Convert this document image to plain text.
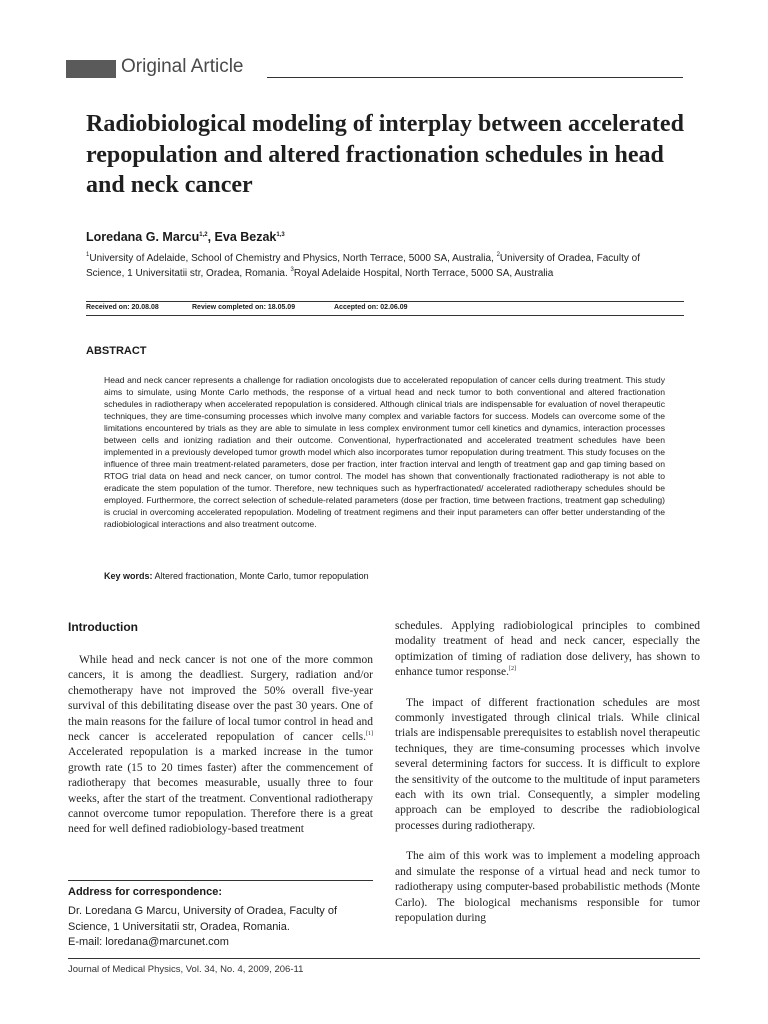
Original Article
Radiobiological modeling of interplay between accelerated repopulation and altered fractionation schedules in head and neck cancer
Loredana G. Marcu$^{1,2}$, Eva Bezak$^{1,3}$
$^1$University of Adelaide, School of Chemistry and Physics, North Terrace, 5000 SA, Australia, $^2$University of Oradea, Faculty of Science, 1 Universitatii str, Oradea, Romania. $^3$Royal Adelaide Hospital, North Terrace, 5000 SA, Australia
Received on: 20.08.08	Review completed on: 18.05.09	Accepted on: 02.06.09
ABSTRACT
Head and neck cancer represents a challenge for radiation oncologists due to accelerated repopulation of cancer cells during treatment. This study aims to simulate, using Monte Carlo methods, the response of a virtual head and neck tumor to both conventional and altered fractionation schedules in radiotherapy when accelerated repopulation is considered. Although clinical trials are indispensable for evaluation of novel therapeutic techniques, they are time-consuming processes which involve many complex and variable factors for success. Models can overcome some of the limitations encountered by trials as they are able to simulate in less complex environment tumor cell kinetics and dynamics, interaction processes between cells and ionizing radiation and their outcome. Conventional, hyperfractionated and accelerated treatment schedules have been implemented in a previously developed tumor growth model which also incorporates tumor repopulation during treatment. This study focuses on the influence of three main treatment-related parameters, dose per fraction, inter fraction interval and length of treatment gap and gap timing based on RTOG trial data on head and neck cancer, on tumor control. The model has shown that conventionally fractionated radiotherapy is not able to eradicate the stem population of the tumor. Therefore, new techniques such as hyperfractionated/ accelerated radiotherapy schedules should be employed. Furthermore, the correct selection of schedule-related parameters (dose per fraction, time between fractions, treatment gap scheduling) is crucial in overcoming accelerated repopulation. Modeling of treatment regimens and their input parameters can offer better understanding of the radiobiological interactions and also treatment outcome.
Key words: Altered fractionation, Monte Carlo, tumor repopulation
Introduction

While head and neck cancer is not one of the more common cancers, it is among the deadliest. Surgery, radiation and/or chemotherapy have not improved the 50% overall five-year survival of this debilitating disease over the past 30 years. One of the main reasons for the failure of local tumor control in head and neck cancer is accelerated repopulation of cancer cells.[1] Accelerated repopulation is a marked increase in the tumor growth rate (15 to 20 times faster) after the commencement of radiotherapy that becomes measurable, usually three to four weeks, after the start of the treatment. Conventional radiotherapy cannot overcome tumor repopulation. Therefore there is a great need for well defined radiobiology-based treatment

schedules. Applying radiobiological principles to combined modality treatment of head and neck cancer, especially the optimization of timing of radiation dose delivery, has shown to enhance tumor response.[2]

The impact of different fractionation schedules are most commonly investigated through clinical trials. While clinical trials are indispensable prerequisites to establish novel therapeutic techniques, they are time-consuming processes which involve several determining factors for success. It is difficult to explore the sensitivity of the outcome to the multitude of input parameters each with its own trial. Consequently, a simpler modeling approach can be employed to describe the radiobiological processes during radiotherapy.

The aim of this work was to implement a modeling approach and simulate the response of a virtual head and neck tumor to radiotherapy using computer-based probabilistic methods (Monte Carlo). The biological mechanisms responsible for tumor repopulation during

Address for correspondence:
Dr. Loredana G Marcu, University of Oradea, Faculty of
Science, 1 Universitatii str, Oradea, Romania.
E-mail: loredana@marcunet.com
Journal of Medical Physics, Vol. 34, No. 4, 2009, 206-11
